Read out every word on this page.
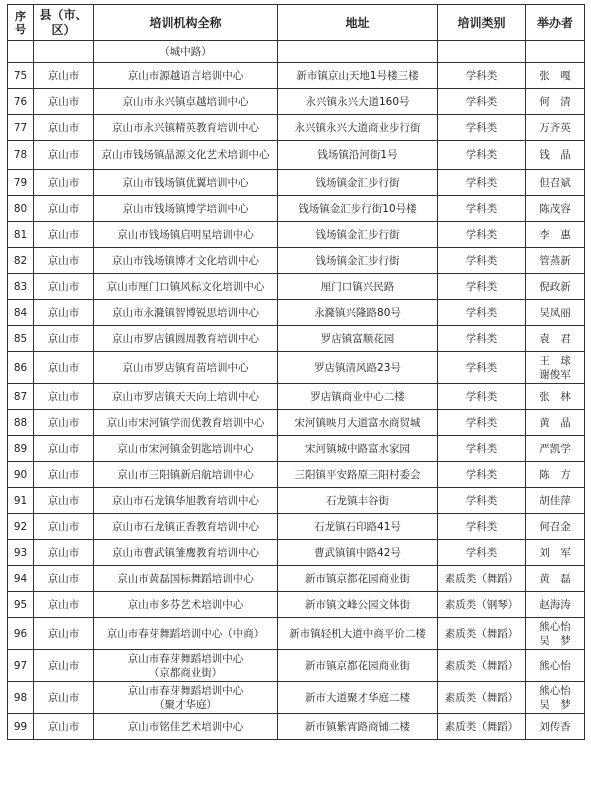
序号	县（市、区）	培训机构全称	地址	培训类别	举办者
		（城中路）			
75	京山市	京山市源越语言培训中心	新市镇京山天地1号楼三楼	学科类	张　嘎
76	京山市	京山市永兴镇卓越培训中心	永兴镇永兴大道160号	学科类	何　清
77	京山市	京山市永兴镇精英教育培训中心	永兴镇永兴大道商业步行街	学科类	万齐英
78	京山市	京山市钱场镇晶源文化艺术培训中心	钱场镇沿河街1号	学科类	钱　晶
79	京山市	京山市钱场镇优翼培训中心	钱场镇金汇步行街	学科类	但召斌
80	京山市	京山市钱场镇博学培训中心	钱场镇金汇步行街10号楼	学科类	陈茂容
81	京山市	京山市钱场镇启明星培训中心	钱场镇金汇步行街	学科类	李　惠
82	京山市	京山市钱场镇博才文化培训中心	钱场镇金汇步行街	学科类	管蒸新
83	京山市	京山市厘门口镇风标文化培训中心	厘门口镇兴民路	学科类	倪政新
84	京山市	京山市永漋镇智博锐思培训中心	永漋镇兴隆路80号	学科类	吴凤丽
85	京山市	京山市罗店镇圆周教育培训中心	罗店镇富顺花园	学科类	袁　君
86	京山市	京山市罗店镇育苗培训中心	罗店镇清风路23号	学科类	王　球
谢俊军
87	京山市	京山市罗店镇天天向上培训中心	罗店镇商业中心二楼	学科类	张　林
88	京山市	京山市宋河镇学而优教育培训中心	宋河镇映月大道富水商贸城	学科类	黄　晶
89	京山市	京山市宋河镇金钥匙培训中心	宋河镇城中路富水家园	学科类	严凯学
90	京山市	京山市三阳镇新启航培训中心	三阳镇平安路原三阳村委会	学科类	陈　方
91	京山市	京山市石龙镇华旭教育培训中心	石龙镇丰谷街	学科类	胡佳萍
92	京山市	京山市石龙镇正香教育培训中心	石龙镇石印路41号	学科类	何召金
93	京山市	京山市曹武镇雏鹰教育培训中心	曹武镇镇中路42号	学科类	刘　军
94	京山市	京山市黄磊国标舞蹈培训中心	新市镇京都花园商业街	素质类（舞蹈）	黄　磊
95	京山市	京山市多芬艺术培训中心	新市镇文峰公园文体街	素质类（钢琴）	赵海涛
96	京山市	京山市春芽舞蹈培训中心（中商）	新市镇轻机大道中商平价二楼	素质类（舞蹈）	熊心怡
吴　梦
97	京山市	京山市春芽舞蹈培训中心
（京都商业街）	新市镇京都花园商业街	素质类（舞蹈）	熊心怡
98	京山市	京山市春芽舞蹈培训中心
（聚才华庭）	新市大道聚才华庭二楼	素质类（舞蹈）	熊心怡
吴　梦
99	京山市	京山市铭佳艺术培训中心	新市镇紫宵路商铺二楼	素质类（舞蹈）	刘传香
